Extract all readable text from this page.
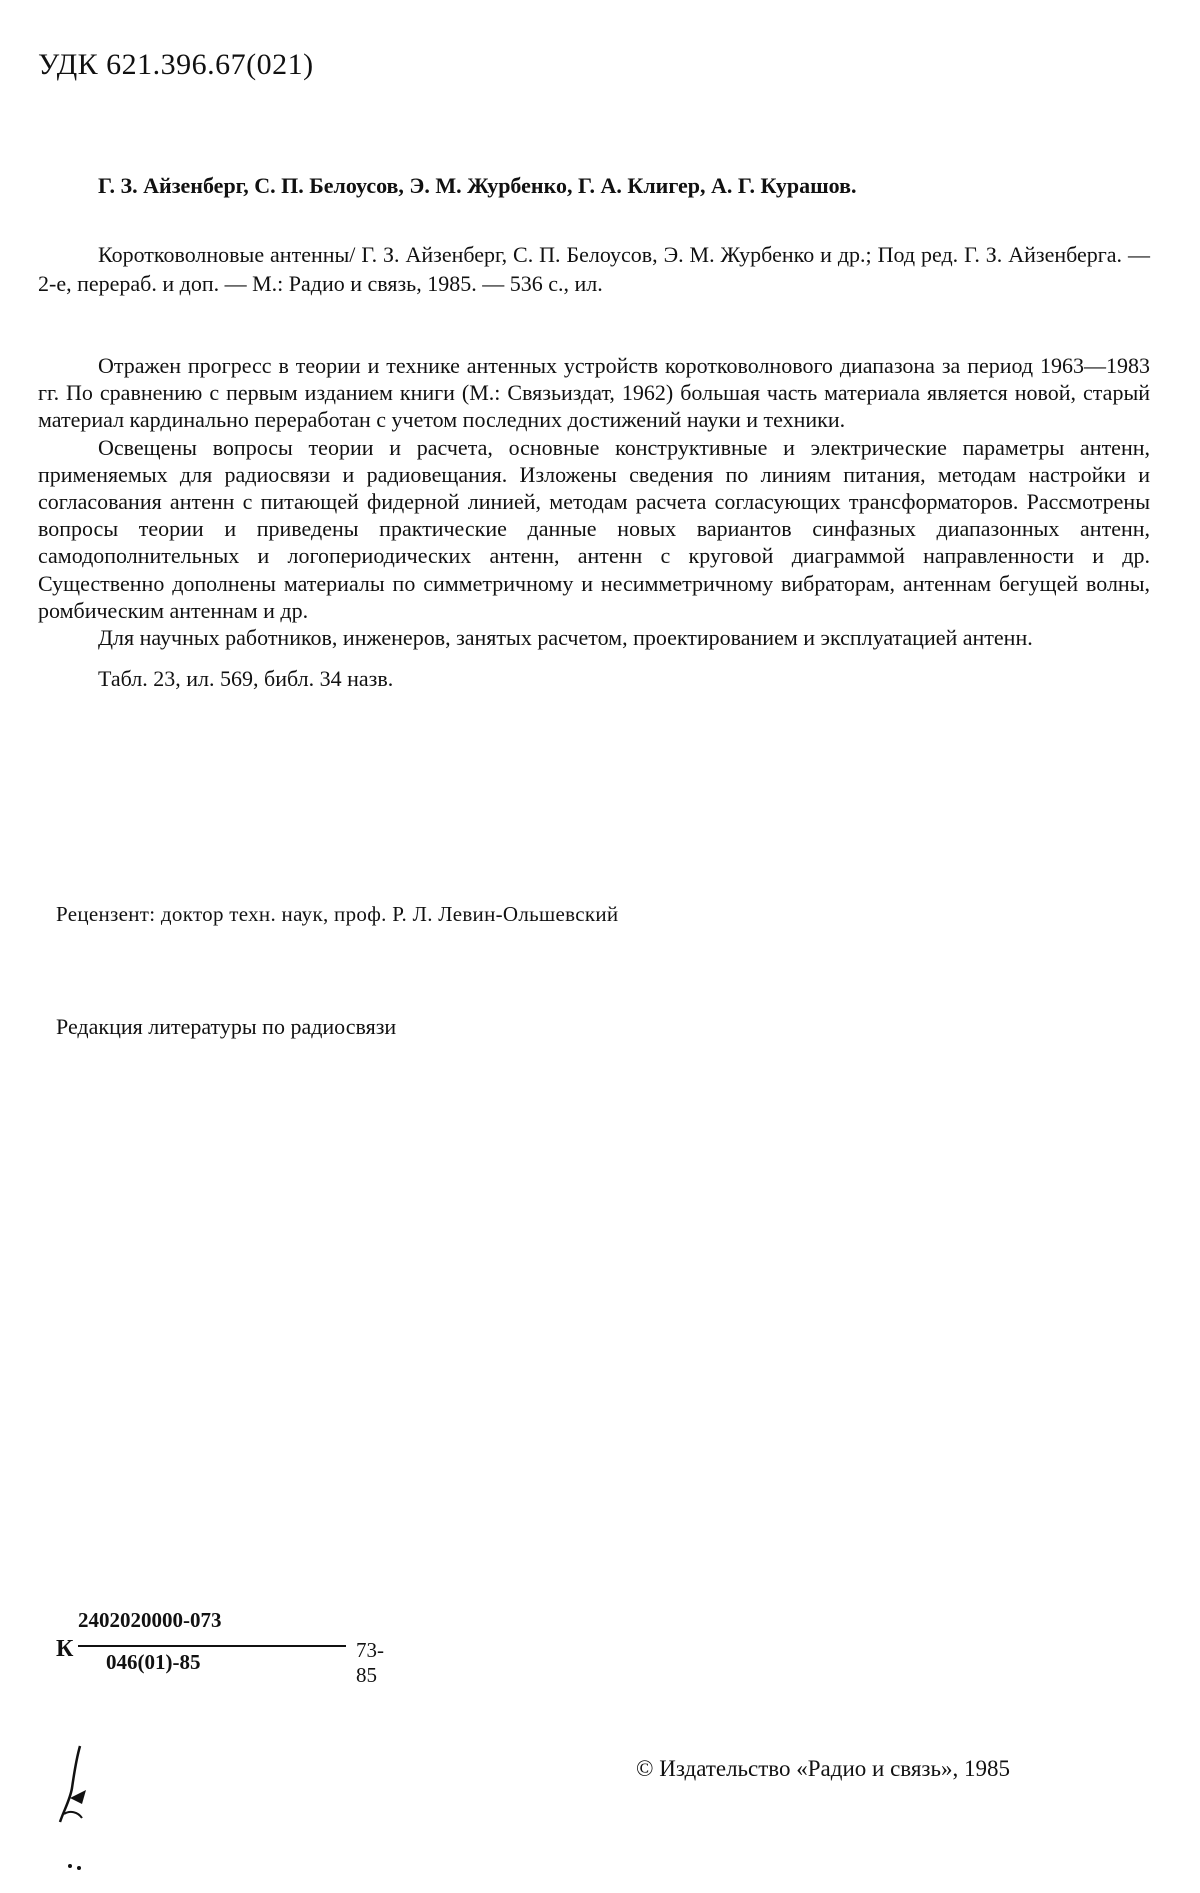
УДК 621.396.67(021)
Г. З. Айзенберг, С. П. Белоусов, Э. М. Журбенко, Г. А. Клигер, А. Г. Курашов.
Коротковолновые антенны/ Г. З. Айзенберг, С. П. Белоусов, Э. М. Журбенко и др.; Под ред. Г. З. Айзенберга. — 2-е, перераб. и доп. — М.: Радио и связь, 1985. — 536 с., ил.

Отражен прогресс в теории и технике антенных устройств коротковолнового диапазона за период 1963—1983 гг. По сравнению с первым изданием книги (М.: Связьиздат, 1962) большая часть материала является новой, старый материал кардинально переработан с учетом последних достижений науки и техники.

Освещены вопросы теории и расчета, основные конструктивные и электрические параметры антенн, применяемых для радиосвязи и радиовещания. Изложены сведения по линиям питания, методам настройки и согласования антенн с питающей фидерной линией, методам расчета согласующих трансформаторов. Рассмотрены вопросы теории и приведены практические данные новых вариантов синфазных диапазонных антенн, самодополнительных и логопериодических антенн, антенн с круговой диаграммой направленности и др. Существенно дополнены материалы по симметричному и несимметричному вибраторам, антеннам бегущей волны, ромбическим антеннам и др.

Для научных работников, инженеров, занятых расчетом, проектированием и эксплуатацией антенн.

Табл. 23, ил. 569, библ. 34 назв.

Рецензент: доктор техн. наук, проф. Р. Л. Левин-Ольшевский
Редакция литературы по радиосвязи
К
2402020000-073
046(01)-85	73-85
© Издательство «Радио и связь», 1985
